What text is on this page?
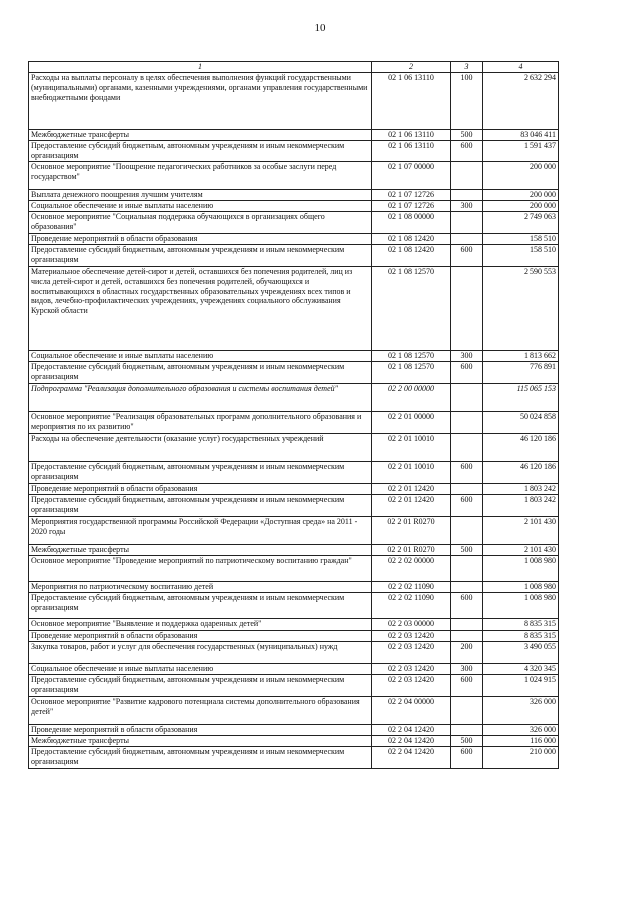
10
1	2	3	4
Расходы на выплаты персоналу в целях обеспечения выполнения функций государственными (муниципальными) органами, казенными учреждениями, органами управления государственными внебюджетными фондами	02 1 06 13110	100	2 632 294
Межбюджетные трансферты	02 1 06 13110	500	83 046 411
Предоставление субсидий бюджетным, автономным учреждениям и иным некоммерческим организациям	02 1 06 13110	600	1 591 437
Основное мероприятие "Поощрение педагогических работников за особые заслуги перед государством"	02 1 07 00000		200 000
Выплата денежного поощрения лучшим учителям	02 1 07 12726		200 000
Социальное обеспечение и иные выплаты населению	02 1 07 12726	300	200 000
Основное мероприятие "Социальная поддержка обучающихся в организациях общего образования"	02 1 08 00000		2 749 063
Проведение мероприятий в области образования	02 1 08 12420		158 510
Предоставление субсидий бюджетным, автономным учреждениям и иным некоммерческим организациям	02 1 08 12420	600	158 510
Материальное обеспечение детей-сирот и детей, оставшихся без попечения родителей, лиц из числа детей-сирот и детей, оставшихся без попечения родителей, обучающихся и воспитывающихся в областных государственных образовательных учреждениях всех типов и видов, лечебно-профилактических учреждениях, учреждениях социального обслуживания Курской области	02 1 08 12570		2 590 553
Социальное обеспечение и иные выплаты населению	02 1 08 12570	300	1 813 662
Предоставление субсидий бюджетным, автономным учреждениям и иным некоммерческим организациям	02 1 08 12570	600	776 891
Подпрограмма "Реализация дополнительного образования и системы воспитания детей"	02 2 00 00000		115 065 153
Основное мероприятие "Реализация образовательных программ дополнительного образования и мероприятия по их развитию"	02 2 01 00000		50 024 858
Расходы на обеспечение деятельности (оказание услуг) государственных учреждений	02 2 01 10010		46 120 186
Предоставление субсидий бюджетным, автономным учреждениям и иным некоммерческим организациям	02 2 01 10010	600	46 120 186
Проведение мероприятий в области образования	02 2 01 12420		1 803 242
Предоставление субсидий бюджетным, автономным учреждениям и иным некоммерческим организациям	02 2 01 12420	600	1 803 242
Мероприятия государственной программы Российской Федерации «Доступная среда» на 2011 - 2020 годы	02 2 01 R0270		2 101 430
Межбюджетные трансферты	02 2 01 R0270	500	2 101 430
Основное мероприятие "Проведение мероприятий по патриотическому воспитанию граждан"	02 2 02 00000		1 008 980
Мероприятия по патриотическому воспитанию детей	02 2 02 11090		1 008 980
Предоставление субсидий бюджетным, автономным учреждениям и иным некоммерческим организациям	02 2 02 11090	600	1 008 980
Основное мероприятие "Выявление и поддержка одаренных детей"	02 2 03 00000		8 835 315
Проведение мероприятий в области образования	02 2 03 12420		8 835 315
Закупка товаров, работ и услуг для обеспечения государственных (муниципальных) нужд	02 2 03 12420	200	3 490 055
Социальное обеспечение и иные выплаты населению	02 2 03 12420	300	4 320 345
Предоставление субсидий бюджетным, автономным учреждениям и иным некоммерческим организациям	02 2 03 12420	600	1 024 915
Основное мероприятие "Развитие кадрового потенциала системы дополнительного образования детей"	02 2 04 00000		326 000
Проведение мероприятий в области образования	02 2 04 12420		326 000
Межбюджетные трансферты	02 2 04 12420	500	116 000
Предоставление субсидий бюджетным, автономным учреждениям и иным некоммерческим организациям	02 2 04 12420	600	210 000
